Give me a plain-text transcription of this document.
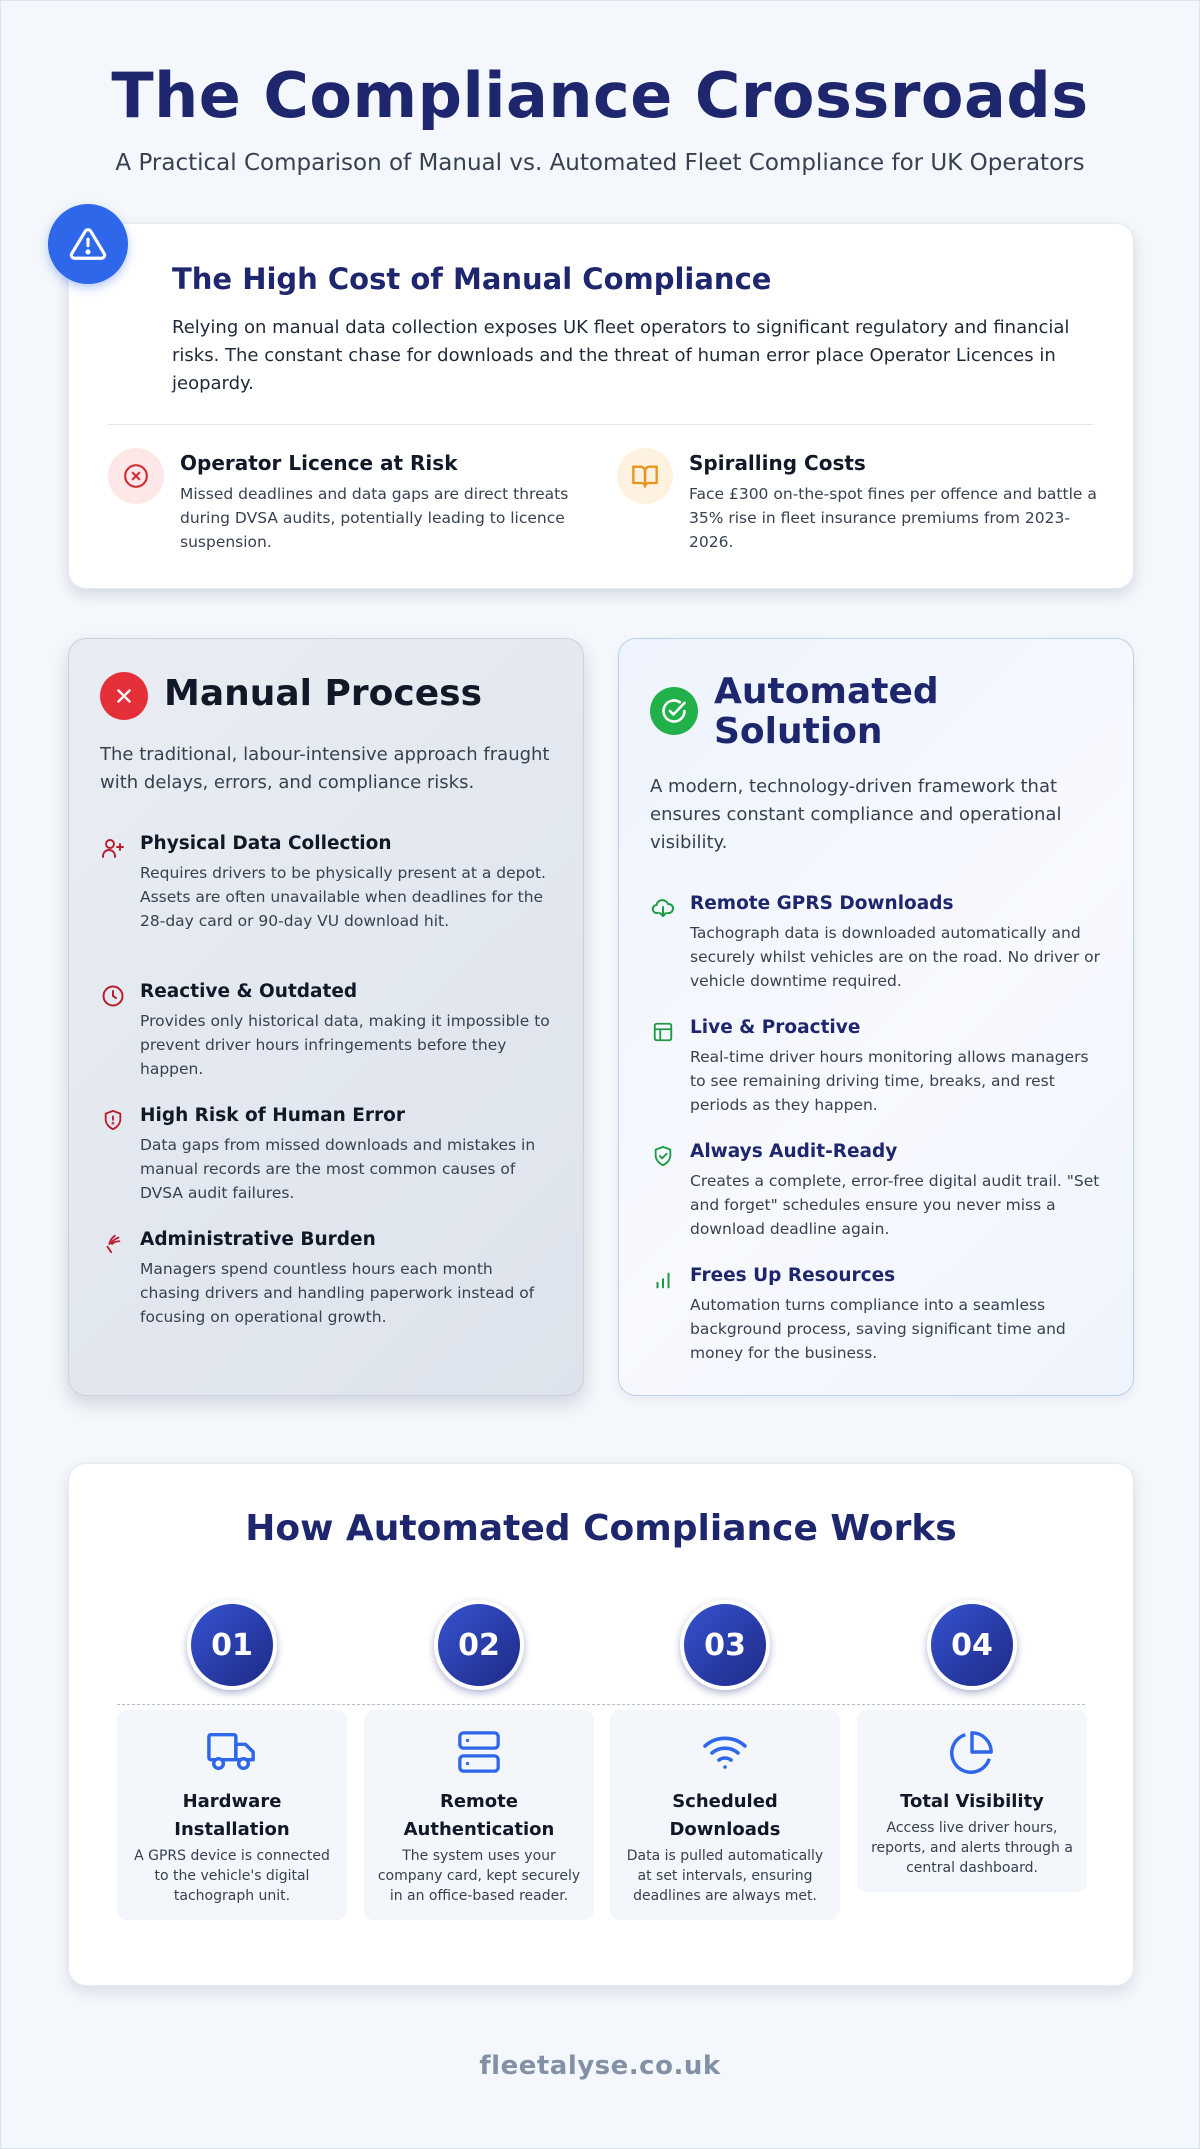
The Compliance Crossroads

A Practical Comparison of Manual vs. Automated Fleet Compliance for UK Operators

The High Cost of Manual Compliance

Relying on manual data collection exposes UK fleet operators to significant regulatory and financial risks. The constant chase for downloads and the threat of human error place Operator Licences in jeopardy.

Operator Licence at Risk
Missed deadlines and data gaps are direct threats during DVSA audits, potentially leading to licence suspension.
Spiralling Costs
Face £300 on-the-spot fines per offence and battle a 35% rise in fleet insurance premiums from 2023-2026.
Manual Process

The traditional, labour-intensive approach fraught with delays, errors, and compliance risks.

Physical Data Collection
Requires drivers to be physically present at a depot. Assets are often unavailable when deadlines for the 28-day card or 90-day VU download hit.
Reactive & Outdated
Provides only historical data, making it impossible to prevent driver hours infringements before they happen.
High Risk of Human Error
Data gaps from missed downloads and mistakes in manual records are the most common causes of DVSA audit failures.
Administrative Burden
Managers spend countless hours each month chasing drivers and handling paperwork instead of focusing on operational growth.
Automated
Solution

A modern, technology-driven framework that ensures constant compliance and operational visibility.

Remote GPRS Downloads
Tachograph data is downloaded automatically and securely whilst vehicles are on the road. No driver or vehicle downtime required.
Live & Proactive
Real-time driver hours monitoring allows managers to see remaining driving time, breaks, and rest periods as they happen.
Always Audit-Ready
Creates a complete, error-free digital audit trail. "Set and forget" schedules ensure you never miss a download deadline again.
Frees Up Resources
Automation turns compliance into a seamless background process, saving significant time and money for the business.
How Automated Compliance Works
01
Hardware
Installation
A GPRS device is connected to the vehicle's digital tachograph unit.
02
Remote
Authentication
The system uses your company card, kept securely in an office-based reader.
03
Scheduled
Downloads
Data is pulled automatically at set intervals, ensuring deadlines are always met.
04
Total Visibility
Access live driver hours, reports, and alerts through a central dashboard.
fleetalyse.co.uk
